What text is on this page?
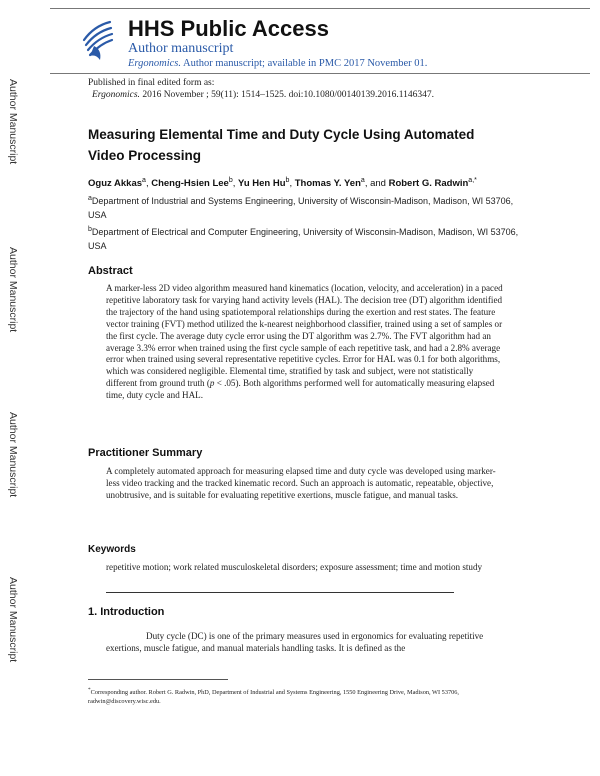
Author Manuscript
Author Manuscript
Author Manuscript
Author Manuscript
HHS Public Access
Author manuscript
Ergonomics. Author manuscript; available in PMC 2017 November 01.
Published in final edited form as:
Ergonomics. 2016 November ; 59(11): 1514–1525. doi:10.1080/00140139.2016.1146347.
Measuring Elemental Time and Duty Cycle Using Automated Video Processing
Oguz Akkas$^a$, Cheng-Hsien Lee$^b$, Yu Hen Hu$^b$, Thomas Y. Yen$^a$, and Robert G. Radwin$^{a,*}$
$^a$Department of Industrial and Systems Engineering, University of Wisconsin-Madison, Madison, WI 53706, USA
$^b$Department of Electrical and Computer Engineering, University of Wisconsin-Madison, Madison, WI 53706, USA
Abstract
A marker-less 2D video algorithm measured hand kinematics (location, velocity, and acceleration) in a paced repetitive laboratory task for varying hand activity levels (HAL). The decision tree (DT) algorithm identified the trajectory of the hand using spatiotemporal relationships during the exertion and rest states. The feature vector training (FVT) method utilized the k-nearest neighborhood classifier, trained using a set of samples or the first cycle. The average duty cycle error using the DT algorithm was 2.7%. The FVT algorithm had an average 3.3% error when trained using the first cycle sample of each repetitive task, and had a 2.8% average error when trained using several representative repetitive cycles. Error for HAL was 0.1 for both algorithms, which was considered negligible. Elemental time, stratified by task and subject, were not statistically different from ground truth (p < .05). Both algorithms performed well for automatically measuring elapsed time, duty cycle and HAL.
Practitioner Summary
A completely automated approach for measuring elapsed time and duty cycle was developed using marker-less video tracking and the tracked kinematic record. Such an approach is automatic, repeatable, objective, unobtrusive, and is suitable for evaluating repetitive exertions, muscle fatigue, and manual tasks.
Keywords
repetitive motion; work related musculoskeletal disorders; exposure assessment; time and motion study
1. Introduction
Duty cycle (DC) is one of the primary measures used in ergonomics for evaluating repetitive exertions, muscle fatigue, and manual materials handling tasks. It is defined as the
*Corresponding author. Robert G. Radwin, PhD, Department of Industrial and Systems Engineering, 1550 Engineering Drive, Madison, WI 53706, radwin@discovery.wisc.edu.
